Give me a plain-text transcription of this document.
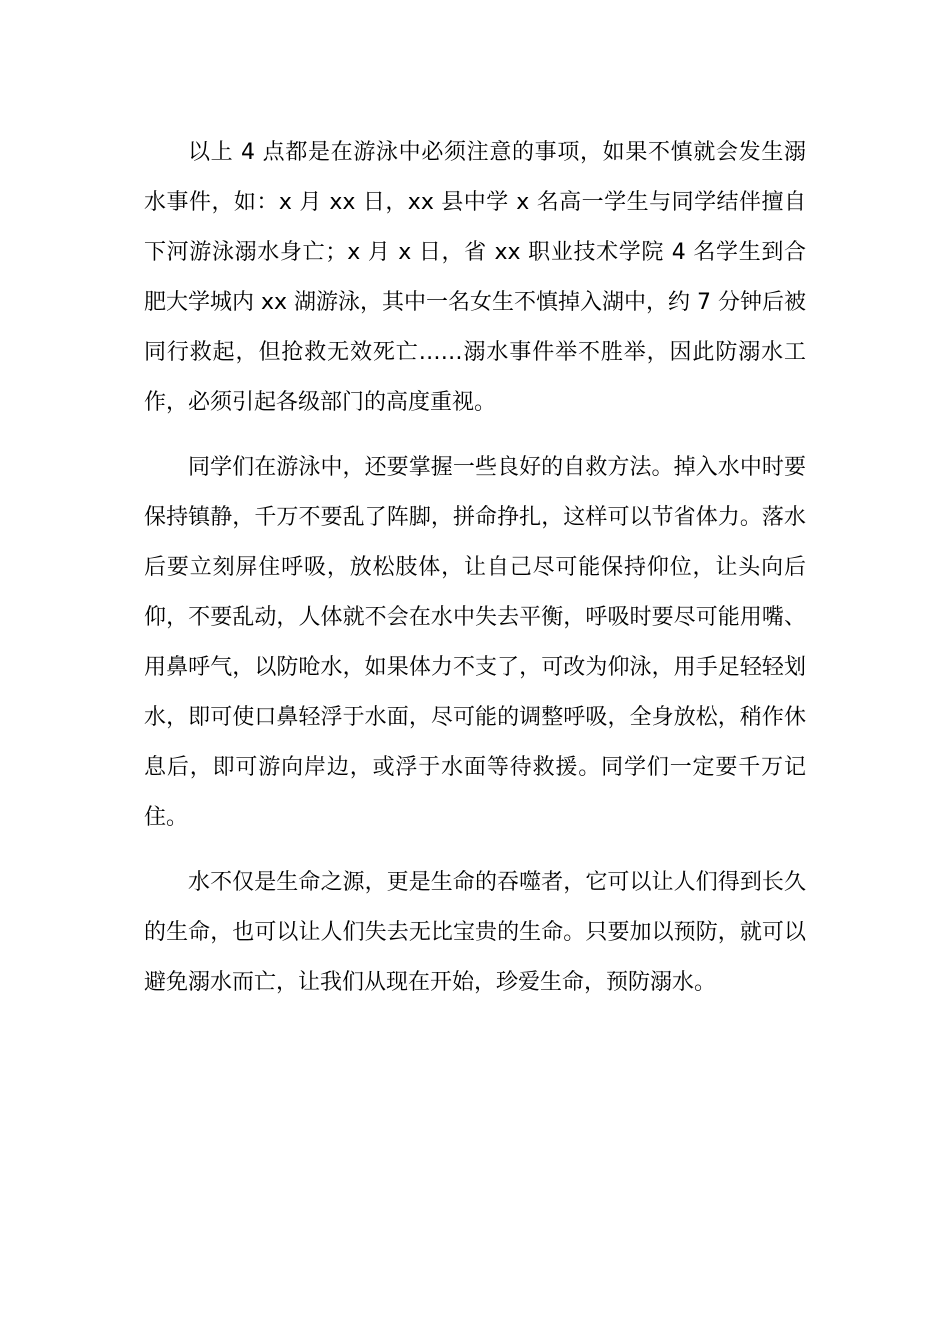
以上 4 点都是在游泳中必须注意的事项，如果不慎就会发生溺水事件，如：x 月 xx 日，xx 县中学 x 名高一学生与同学结伴擅自下河游泳溺水身亡；x 月 x 日，省 xx 职业技术学院 4 名学生到合肥大学城内 xx 湖游泳，其中一名女生不慎掉入湖中，约 7 分钟后被同行救起，但抢救无效死亡……溺水事件举不胜举，因此防溺水工作，必须引起各级部门的高度重视。

同学们在游泳中，还要掌握一些良好的自救方法。掉入水中时要保持镇静，千万不要乱了阵脚，拼命挣扎，这样可以节省体力。落水后要立刻屏住呼吸，放松肢体，让自己尽可能保持仰位，让头向后仰，不要乱动，人体就不会在水中失去平衡，呼吸时要尽可能用嘴、用鼻呼气，以防呛水，如果体力不支了，可改为仰泳，用手足轻轻划水，即可使口鼻轻浮于水面，尽可能的调整呼吸，全身放松，稍作休息后，即可游向岸边，或浮于水面等待救援。同学们一定要千万记住。

水不仅是生命之源，更是生命的吞噬者，它可以让人们得到长久的生命，也可以让人们失去无比宝贵的生命。只要加以预防，就可以避免溺水而亡，让我们从现在开始，珍爱生命，预防溺水。
